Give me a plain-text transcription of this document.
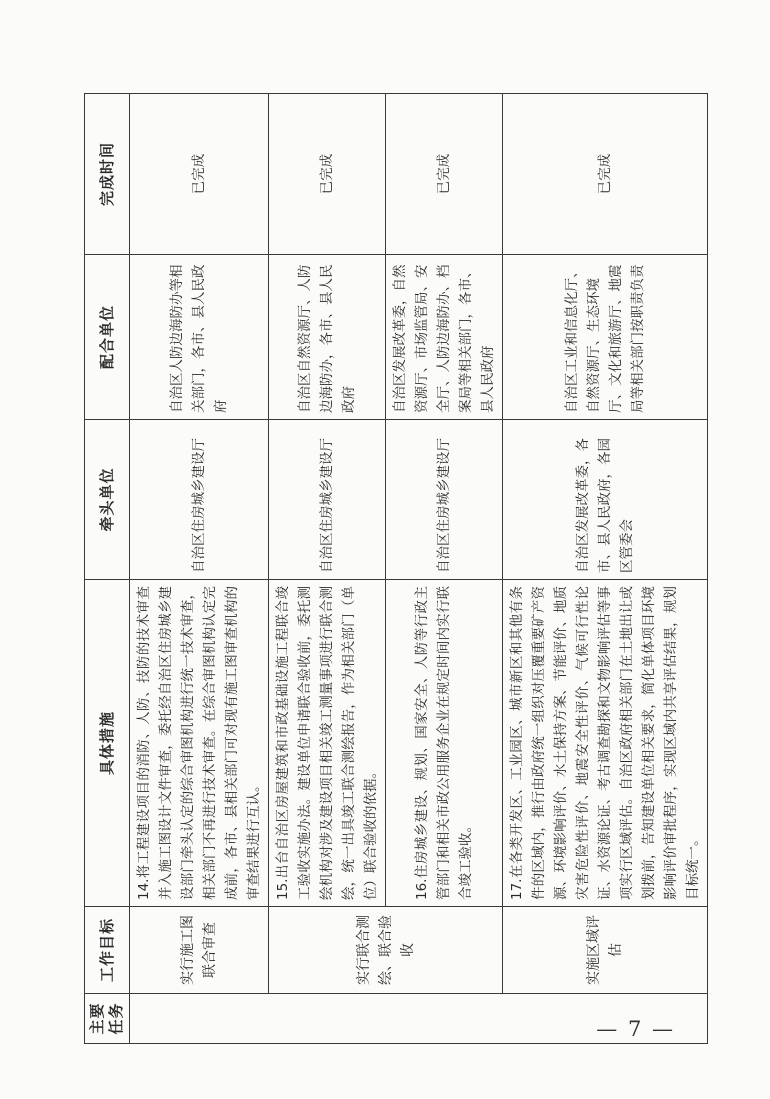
主要
任务	工作目标	具体措施	牵头单位	配合单位	完成时间
	实行施工图联合审查	14.将工程建设项目的消防、人防、技防的技术审查并入施工图设计文件审查，委托经自治区住房城乡建设部门牵头认定的综合审图机构进行统一技术审查，相关部门不再进行技术审查。在综合审图机构认定完成前，各市、县相关部门可对现有施工图审查机构的审查结果进行互认。	自治区住房城乡建设厅	自治区人防边海防办等相关部门，各市、县人民政府	已完成
	实行联合测绘、联合验收	15.出台自治区房屋建筑和市政基础设施工程联合竣工验收实施办法。建设单位申请联合验收前，委托测绘机构对涉及建设项目相关竣工测量事项进行联合测绘，统一出具竣工联合测绘报告，作为相关部门（单位）联合验收的依据。	自治区住房城乡建设厅	自治区自然资源厅、人防边海防办，各市、县人民政府	已完成
		16.住房城乡建设、规划、国家安全、人防等行政主管部门和相关市政公用服务企业在规定时间内实行联合竣工验收。	自治区住房城乡建设厅	自治区发展改革委，自然资源厅、市场监管局、安全厅、人防边海防办、档案局等相关部门，各市、县人民政府	已完成
	实施区域评估	17.在各类开发区、工业园区、城市新区和其他有条件的区域内，推行由政府统一组织对压覆重要矿产资源、环境影响评价、水土保持方案、节能评价、地质灾害危险性评价、地震安全性评价、气候可行性论证、水资源论证、考古调查勘探和文物影响评估等事项实行区域评估。自治区政府相关部门在土地出让或划拨前，告知建设单位相关要求，简化单体项目环境影响评价审批程序，实现区域内共享评估结果，规划目标统一。	自治区发展改革委，各市、县人民政府，各园区管委会	自治区工业和信息化厅、自然资源厅、生态环境厅、文化和旅游厅、地震局等相关部门按职责负责	已完成
— 7 —
